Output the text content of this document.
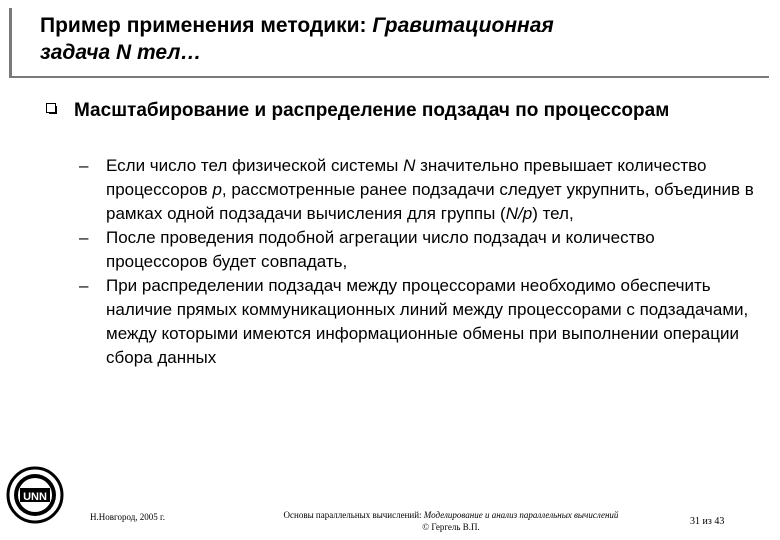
Пример применения методики: Гравитационная
задача N тел…
Масштабирование и распределение подзадач по процессорам
– Если число тел физической системы N значительно превышает количество процессоров p, рассмотренные ранее подзадачи следует укрупнить, объединив в рамках одной подзадачи вычисления для группы (N/p) тел,
– После проведения подобной агрегации число подзадач и количество процессоров будет совпадать,
– При распределении подзадач между процессорами необходимо обеспечить наличие прямых коммуникационных линий между процессорами с подзадачами, между которыми имеются информационные обмены при выполнении операции сбора данных
UNN
Н.Новгород, 2005 г.	Основы параллельных вычислений: Моделирование и анализ параллельных вычислений
© Гергель В.П.	31 из 43
